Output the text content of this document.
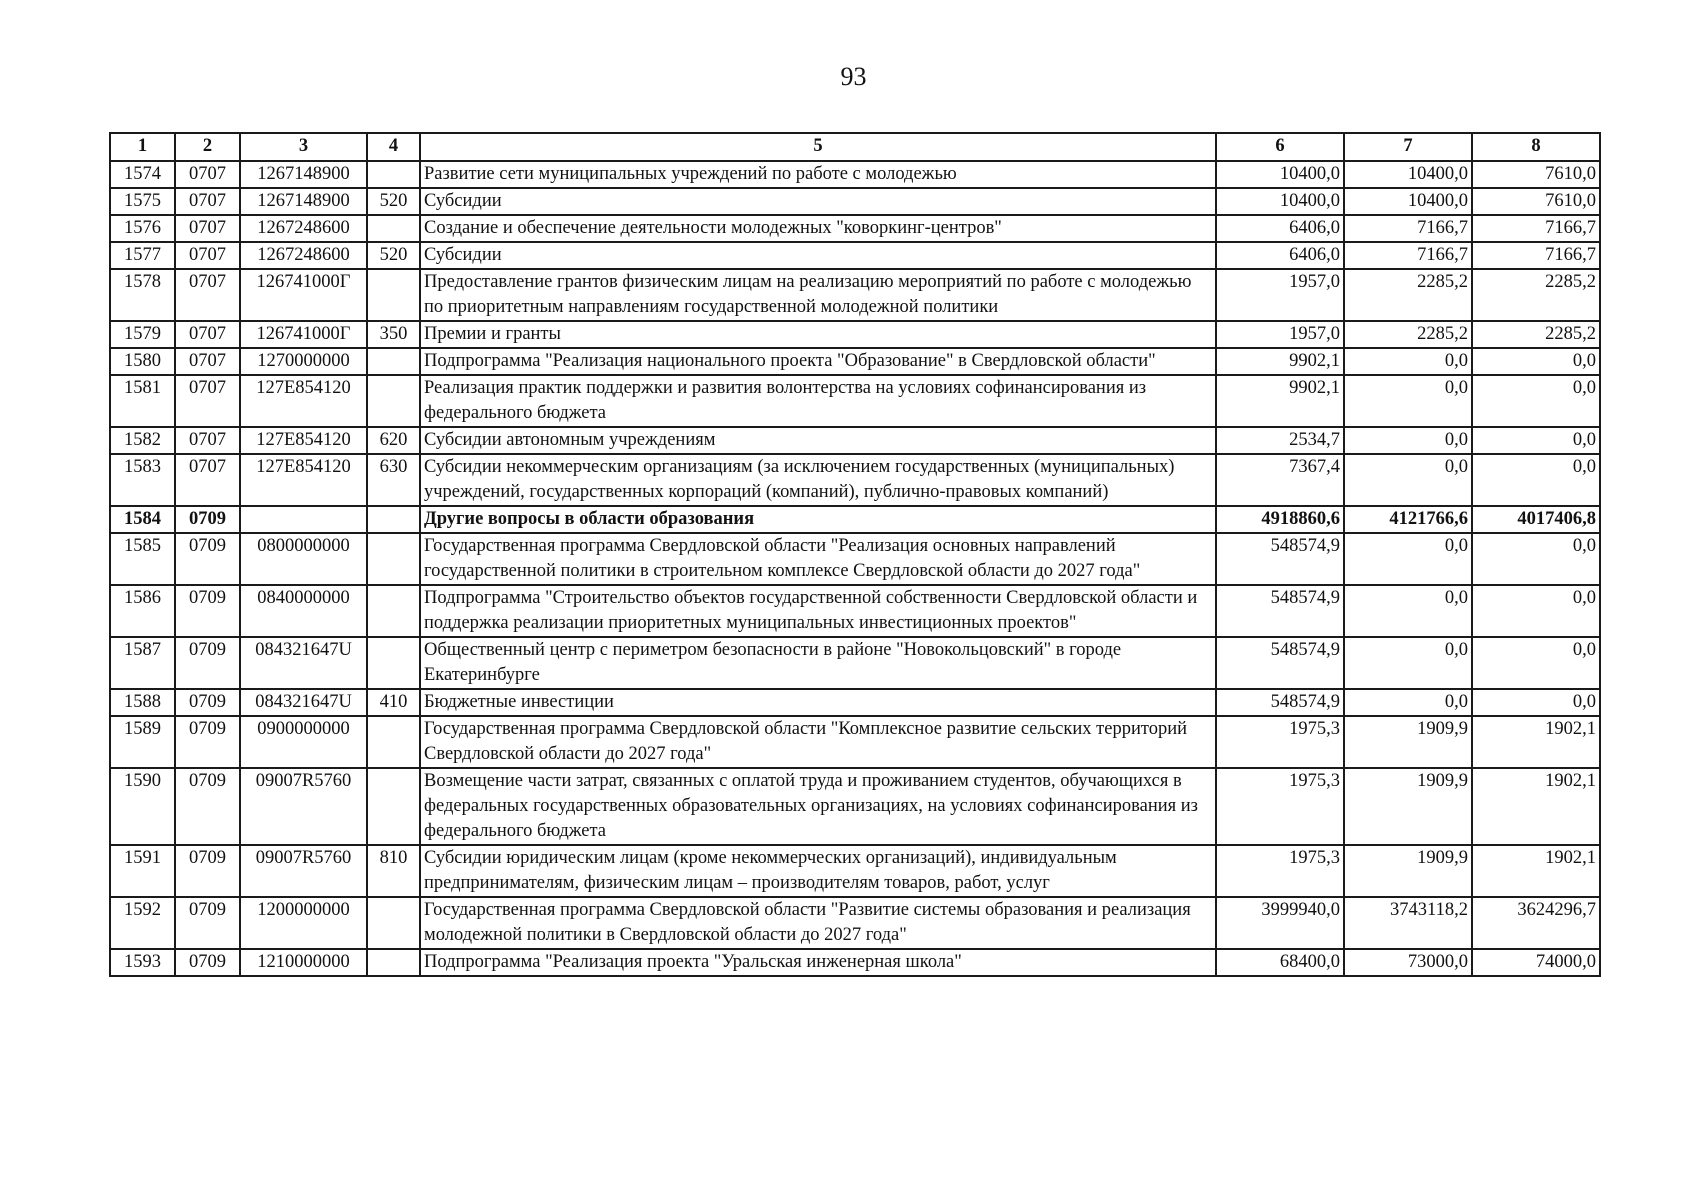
93
1	2	3	4	5	6	7	8
1574	0707	1267148900		Развитие сети муниципальных учреждений по работе с молодежью	10400,0	10400,0	7610,0
1575	0707	1267148900	520	Субсидии	10400,0	10400,0	7610,0
1576	0707	1267248600		Создание и обеспечение деятельности молодежных "коворкинг-центров"	6406,0	7166,7	7166,7
1577	0707	1267248600	520	Субсидии	6406,0	7166,7	7166,7
1578	0707	126741000Г		Предоставление грантов физическим лицам на реализацию мероприятий по работе с молодежью по приоритетным направлениям государственной молодежной политики	1957,0	2285,2	2285,2
1579	0707	126741000Г	350	Премии и гранты	1957,0	2285,2	2285,2
1580	0707	1270000000		Подпрограмма "Реализация национального проекта "Образование" в Свердловской области"	9902,1	0,0	0,0
1581	0707	127E854120		Реализация практик поддержки и развития волонтерства на условиях софинансирования из федерального бюджета	9902,1	0,0	0,0
1582	0707	127E854120	620	Субсидии автономным учреждениям	2534,7	0,0	0,0
1583	0707	127E854120	630	Субсидии некоммерческим организациям (за исключением государственных (муниципальных) учреждений, государственных корпораций (компаний), публично-правовых компаний)	7367,4	0,0	0,0
1584	0709			Другие вопросы в области образования	4918860,6	4121766,6	4017406,8
1585	0709	0800000000		Государственная программа Свердловской области "Реализация основных направлений государственной политики в строительном комплексе Свердловской области до 2027 года"	548574,9	0,0	0,0
1586	0709	0840000000		Подпрограмма "Строительство объектов государственной собственности Свердловской области и поддержка реализации приоритетных муниципальных инвестиционных проектов"	548574,9	0,0	0,0
1587	0709	084321647U		Общественный центр с периметром безопасности в районе "Новокольцовский" в городе Екатеринбурге	548574,9	0,0	0,0
1588	0709	084321647U	410	Бюджетные инвестиции	548574,9	0,0	0,0
1589	0709	0900000000		Государственная программа Свердловской области "Комплексное развитие сельских территорий Свердловской области до 2027 года"	1975,3	1909,9	1902,1
1590	0709	09007R5760		Возмещение части затрат, связанных с оплатой труда и проживанием студентов, обучающихся в федеральных государственных образовательных организациях, на условиях софинансирования из федерального бюджета	1975,3	1909,9	1902,1
1591	0709	09007R5760	810	Субсидии юридическим лицам (кроме некоммерческих организаций), индивидуальным предпринимателям, физическим лицам – производителям товаров, работ, услуг	1975,3	1909,9	1902,1
1592	0709	1200000000		Государственная программа Свердловской области "Развитие системы образования и реализация молодежной политики в Свердловской области до 2027 года"	3999940,0	3743118,2	3624296,7
1593	0709	1210000000		Подпрограмма "Реализация проекта "Уральская инженерная школа"	68400,0	73000,0	74000,0
